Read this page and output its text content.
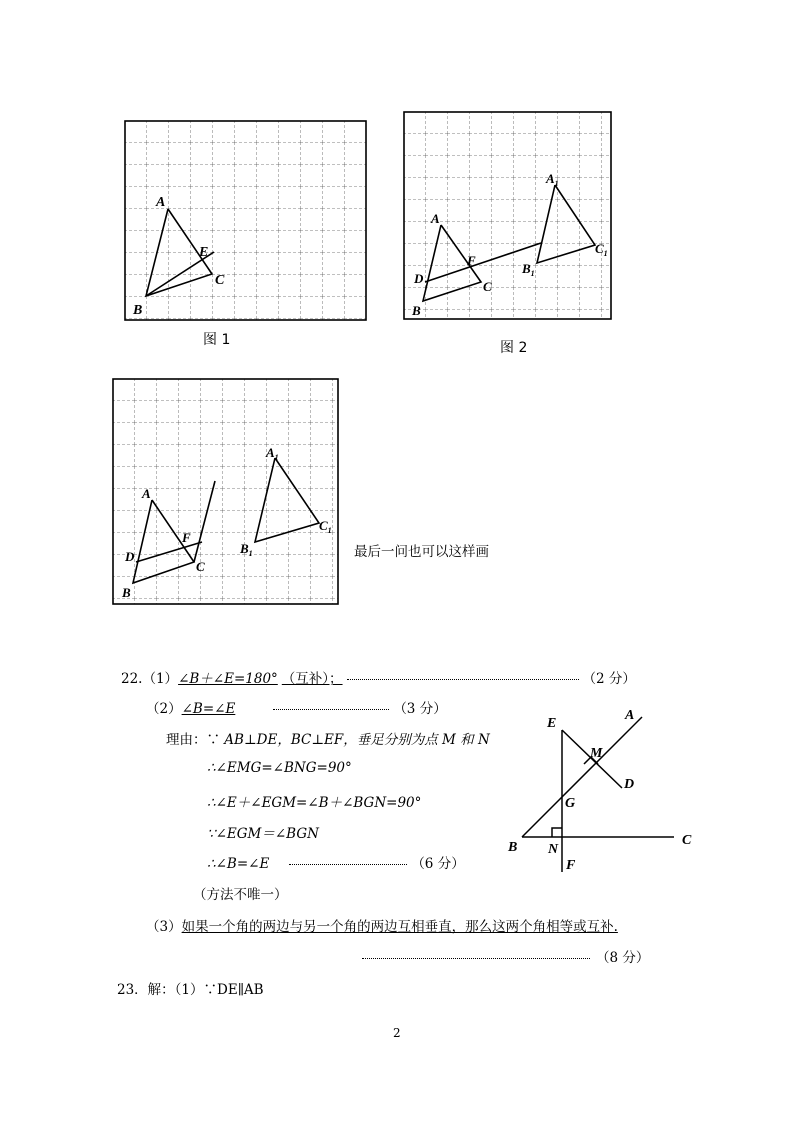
A
E
C
B
图 1
A
F
D
C
B
$A_1$
$B_1$
$C_1$
图 2
A
F
D
C
B
$A_1$
$B_1$
$C_1$
最后一问也可以这样画
22.（1）∠B＋∠E=180° （互补）；	（2 分）
（2）∠B=∠E	（3 分）
理由：∵ AB⊥DE，BC⊥EF，垂足分别为点 M 和 N
∴∠EMG=∠BNG=90°
∴∠E＋∠EGM=∠B＋∠BGN=90°
∵∠EGM＝∠BGN
∴∠B=∠E	（6 分）
（方法不唯一）
（3）如果一个角的两边与另一个角的两边互相垂直，那么这两个角相等或互补.
（8 分）
E
A
M
D
G
B N
C
F
23．解：（1）∵DE∥AB
2
